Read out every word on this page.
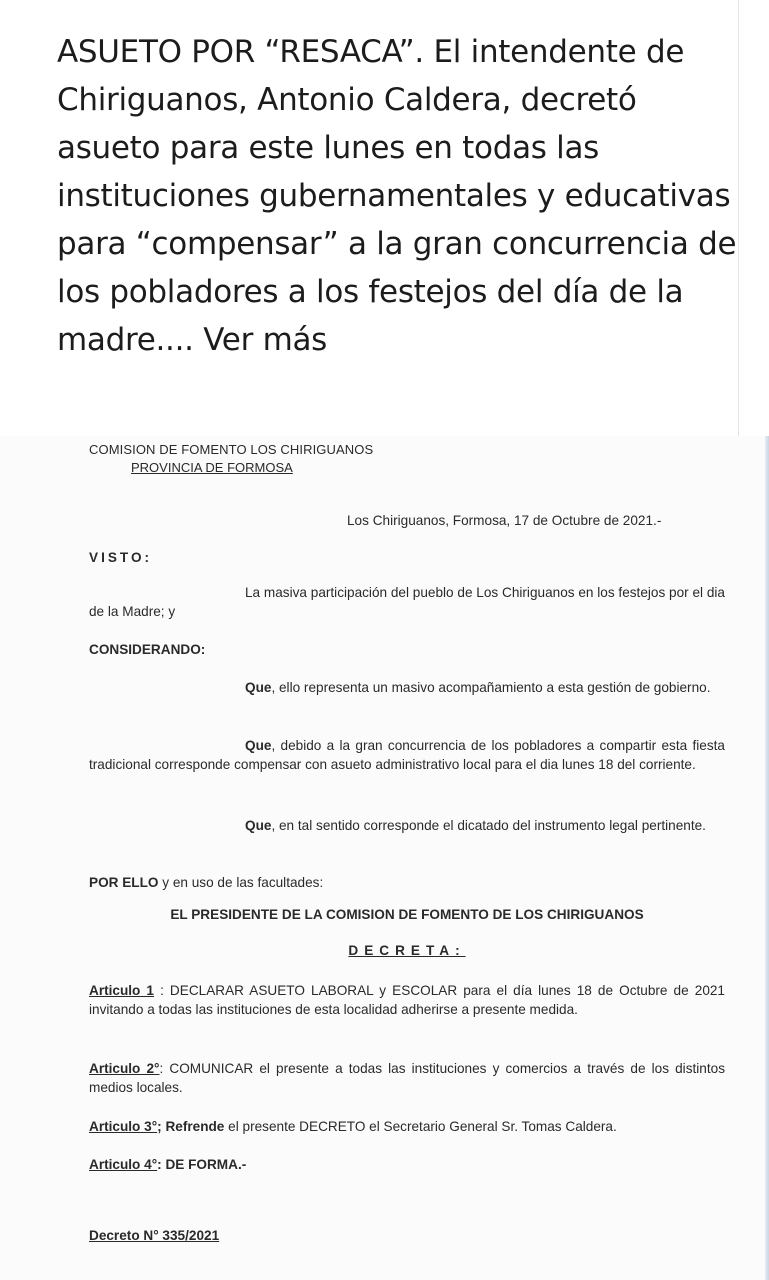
ASUETO POR “RESACA”. El intendente de Chiriguanos, Antonio Caldera, decretó asueto para este lunes en todas las instituciones gubernamentales y educativas para “compensar” a la gran concurrencia de los pobladores a los festejos del día de la madre.... Ver más

COMISION DE FOMENTO LOS CHIRIGUANOS

PROVINCIA DE FORMOSA

Los Chiriguanos, Formosa, 17 de Octubre de 2021.-

VISTO:

La masiva participación del pueblo de Los Chiriguanos en los festejos por el dia de la Madre; y

CONSIDERANDO:

Que, ello representa un masivo acompañamiento a esta gestión de gobierno.

Que, debido a la gran concurrencia de los pobladores a compartir esta fiesta tradicional corresponde compensar con asueto administrativo local para el dia lunes 18 del corriente.

Que, en tal sentido corresponde el dicatado del instrumento legal pertinente.

POR ELLO y en uso de las facultades:

EL PRESIDENTE DE LA COMISION DE FOMENTO DE LOS CHIRIGUANOS

DECRETA:

Articulo 1 : DECLARAR ASUETO LABORAL y ESCOLAR para el día lunes 18 de Octubre de 2021 invitando a todas las instituciones de esta localidad adherirse a presente medida.

Articulo 2°: COMUNICAR el presente a todas las instituciones y comercios a través de los distintos medios locales.

Articulo 3°; Refrende el presente DECRETO el Secretario General Sr. Tomas Caldera.

Articulo 4°: DE FORMA.-

Decreto N° 335/2021
